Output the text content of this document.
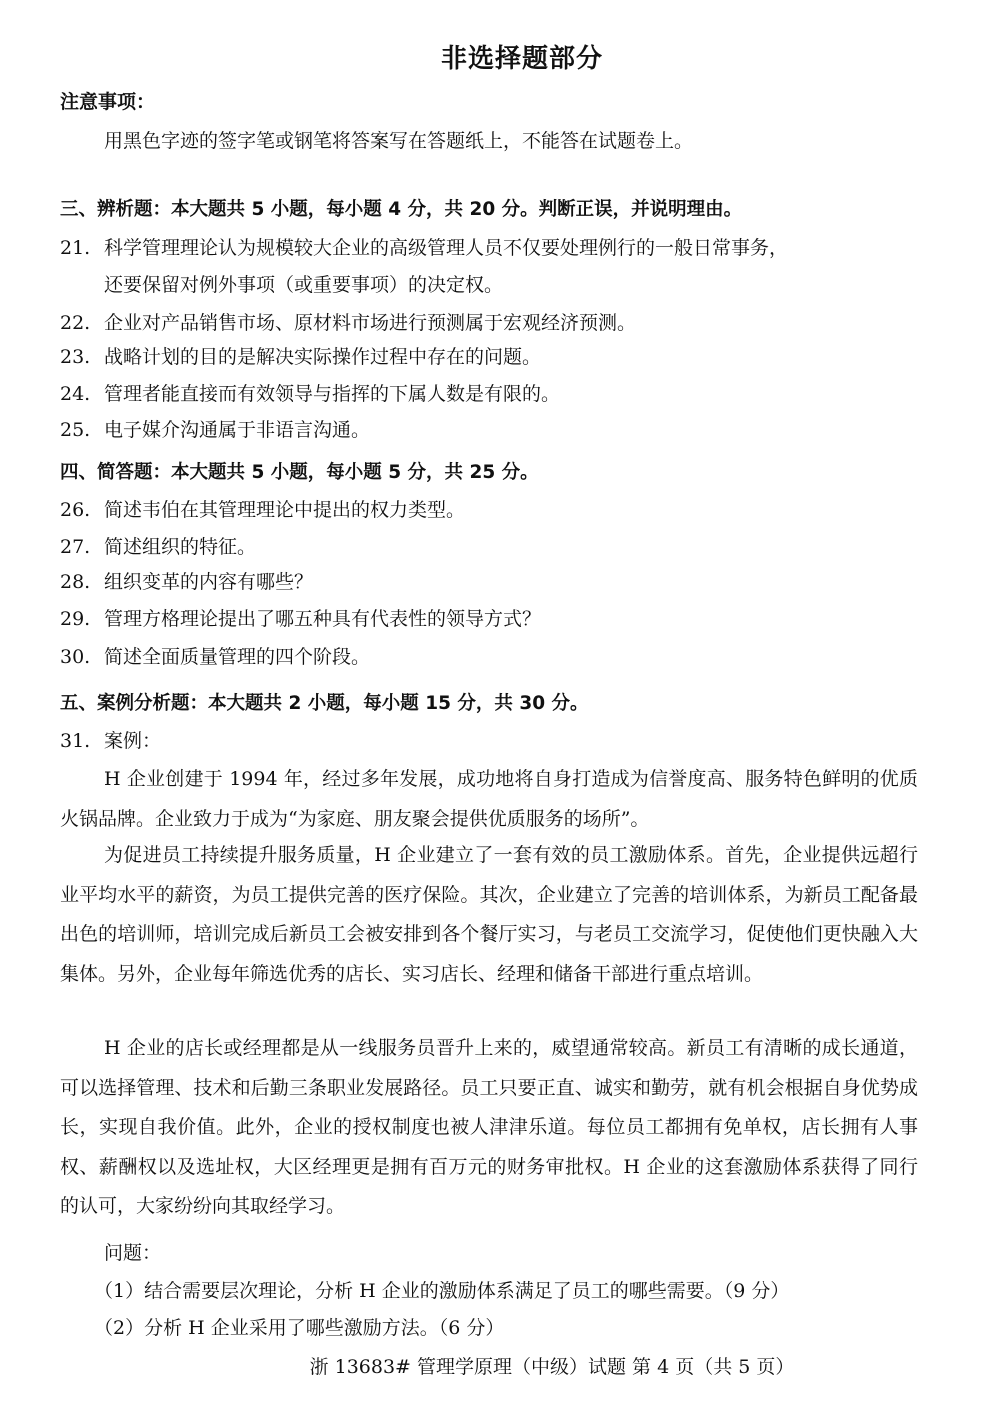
非选择题部分
注意事项：
用黑色字迹的签字笔或钢笔将答案写在答题纸上，不能答在试题卷上。
三、辨析题：本大题共 5 小题，每小题 4 分，共 20 分。判断正误，并说明理由。
21. 科学管理理论认为规模较大企业的高级管理人员不仅要处理例行的一般日常事务，
还要保留对例外事项（或重要事项）的决定权。
22. 企业对产品销售市场、原材料市场进行预测属于宏观经济预测。
23. 战略计划的目的是解决实际操作过程中存在的问题。
24. 管理者能直接而有效领导与指挥的下属人数是有限的。
25. 电子媒介沟通属于非语言沟通。
四、简答题：本大题共 5 小题，每小题 5 分，共 25 分。
26. 简述韦伯在其管理理论中提出的权力类型。
27. 简述组织的特征。
28. 组织变革的内容有哪些？
29. 管理方格理论提出了哪五种具有代表性的领导方式？
30. 简述全面质量管理的四个阶段。
五、案例分析题：本大题共 2 小题，每小题 15 分，共 30 分。
31. 案例：
H 企业创建于 1994 年，经过多年发展，成功地将自身打造成为信誉度高、服务特色鲜明的优质火锅品牌。企业致力于成为“为家庭、朋友聚会提供优质服务的场所”。
为促进员工持续提升服务质量，H 企业建立了一套有效的员工激励体系。首先，企业提供远超行业平均水平的薪资，为员工提供完善的医疗保险。其次，企业建立了完善的培训体系，为新员工配备最出色的培训师，培训完成后新员工会被安排到各个餐厅实习，与老员工交流学习，促使他们更快融入大集体。另外，企业每年筛选优秀的店长、实习店长、经理和储备干部进行重点培训。
H 企业的店长或经理都是从一线服务员晋升上来的，威望通常较高。新员工有清晰的成长通道，可以选择管理、技术和后勤三条职业发展路径。员工只要正直、诚实和勤劳，就有机会根据自身优势成长，实现自我价值。此外，企业的授权制度也被人津津乐道。每位员工都拥有免单权，店长拥有人事权、薪酬权以及选址权，大区经理更是拥有百万元的财务审批权。H 企业的这套激励体系获得了同行的认可，大家纷纷向其取经学习。
问题：
（1）结合需要层次理论，分析 H 企业的激励体系满足了员工的哪些需要。（9 分）
（2）分析 H 企业采用了哪些激励方法。（6 分）
浙 13683# 管理学原理（中级）试题 第 4 页（共 5 页）
